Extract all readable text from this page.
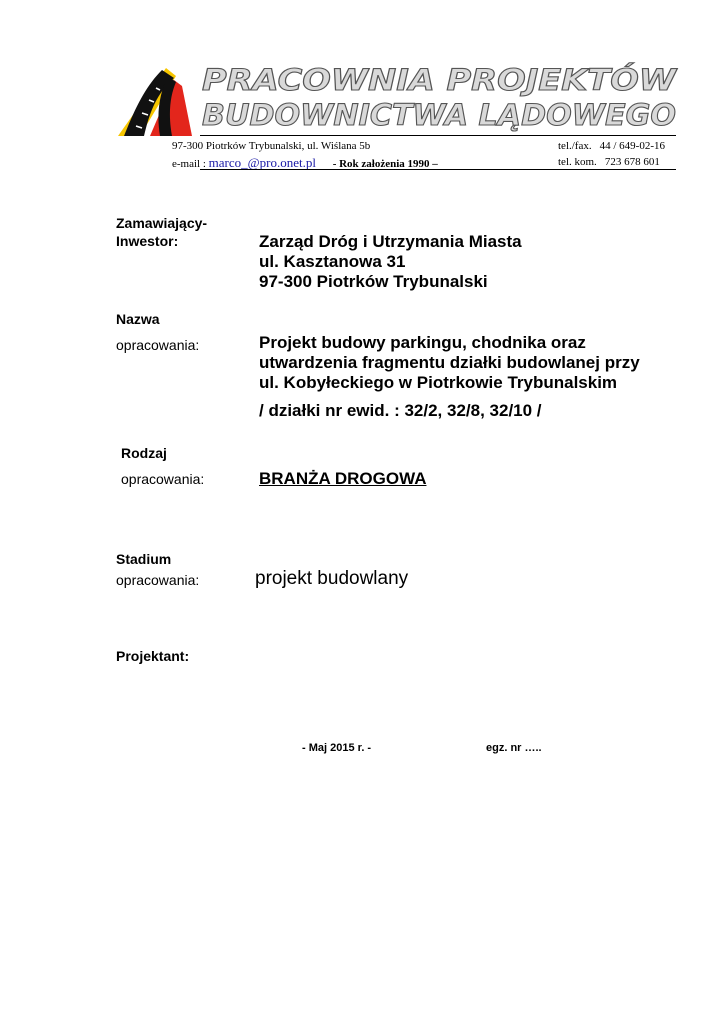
PRACOWNIA PROJEKTÓW
BUDOWNICTWA LĄDOWEGO
97-300 Piotrków Trybunalski, ul. Wiślana 5b	tel./fax. 44 / 649-02-16
e-mail : marco_@pro.onet.pl - Rok założenia 1990 –	tel. kom. 723 678 601
Zamawiający-
Inwestor:	Zarząd Dróg i Utrzymania Miasta
ul. Kasztanowa 31
97-300 Piotrków Trybunalski
Nazwa
opracowania:	Projekt budowy parkingu, chodnika oraz
utwardzenia fragmentu działki budowlanej przy
ul. Kobyłeckiego w Piotrkowie Trybunalskim
/ działki nr ewid. : 32/2, 32/8, 32/10 /
Rodzaj
opracowania:	BRANŻA DROGOWA
Stadium
opracowania:	projekt budowlany
Projektant:
- Maj 2015 r. -	egz. nr …..
